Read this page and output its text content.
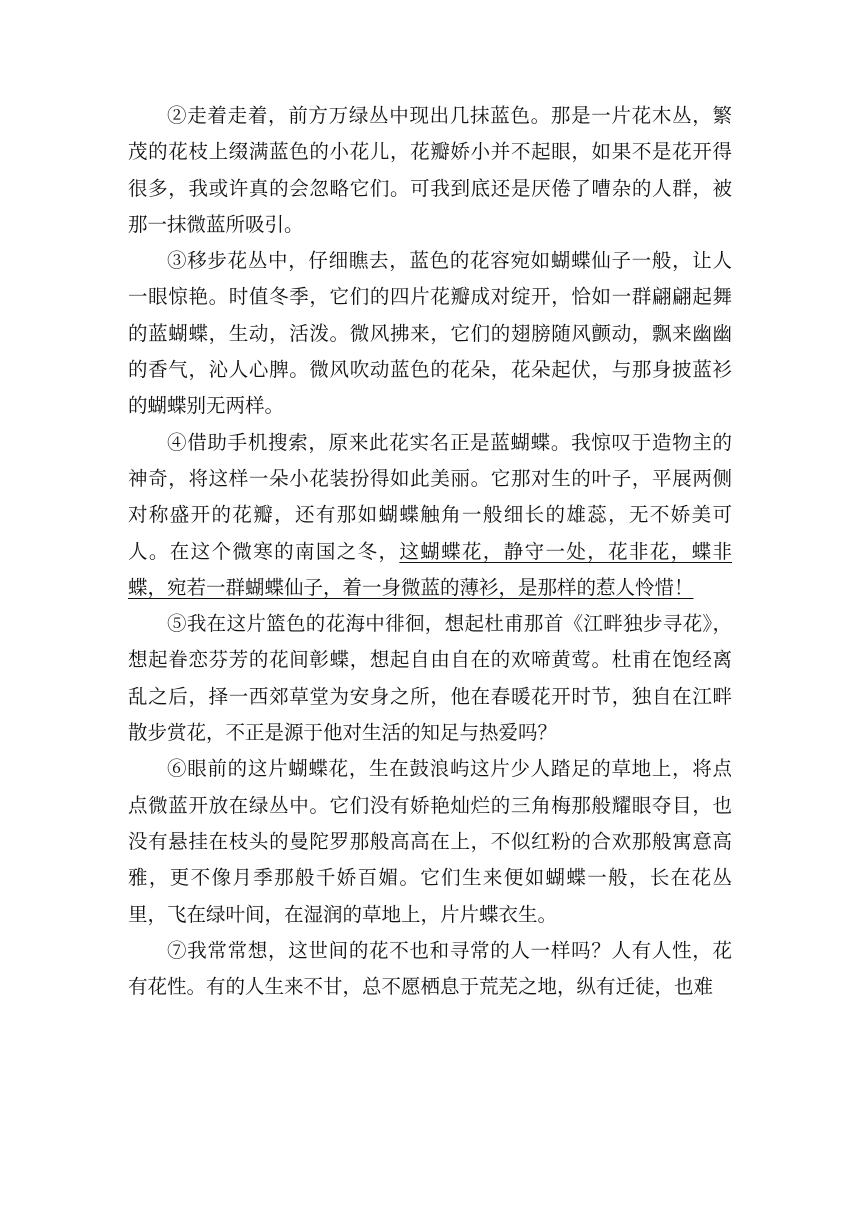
②走着走着，前方万绿丛中现出几抹蓝色。那是一片花木丛，繁茂的花枝上缀满蓝色的小花儿，花瓣娇小并不起眼，如果不是花开得很多，我或许真的会忽略它们。可我到底还是厌倦了嘈杂的人群，被那一抹微蓝所吸引。

③移步花丛中，仔细瞧去，蓝色的花容宛如蝴蝶仙子一般，让人一眼惊艳。时值冬季，它们的四片花瓣成对绽开，恰如一群翩翩起舞的蓝蝴蝶，生动，活泼。微风拂来，它们的翅膀随风颤动，飘来幽幽的香气，沁人心脾。微风吹动蓝色的花朵，花朵起伏，与那身披蓝衫的蝴蝶别无两样。

④借助手机搜索，原来此花实名正是蓝蝴蝶。我惊叹于造物主的神奇，将这样一朵小花装扮得如此美丽。它那对生的叶子，平展两侧对称盛开的花瓣，还有那如蝴蝶触角一般细长的雄蕊，无不娇美可人。在这个微寒的南国之冬，这蝴蝶花，静守一处，花非花，蝶非蝶，宛若一群蝴蝶仙子，着一身微蓝的薄衫，是那样的惹人怜惜！

⑤我在这片篮色的花海中徘徊，想起杜甫那首《江畔独步寻花》，想起眷恋芬芳的花间彰蝶，想起自由自在的欢啼黄莺。杜甫在饱经离乱之后，择一西郊草堂为安身之所，他在春暖花开时节，独自在江畔散步赏花，不正是源于他对生活的知足与热爱吗？

⑥眼前的这片蝴蝶花，生在鼓浪屿这片少人踏足的草地上，将点点微蓝开放在绿丛中。它们没有娇艳灿烂的三角梅那般耀眼夺目，也没有悬挂在枝头的曼陀罗那般高高在上，不似红粉的合欢那般寓意高雅，更不像月季那般千娇百媚。它们生来便如蝴蝶一般，长在花丛里，飞在绿叶间，在湿润的草地上，片片蝶衣生。

⑦我常常想，这世间的花不也和寻常的人一样吗？人有人性，花有花性。有的人生来不甘，总不愿栖息于荒芜之地，纵有迁徒，也难
